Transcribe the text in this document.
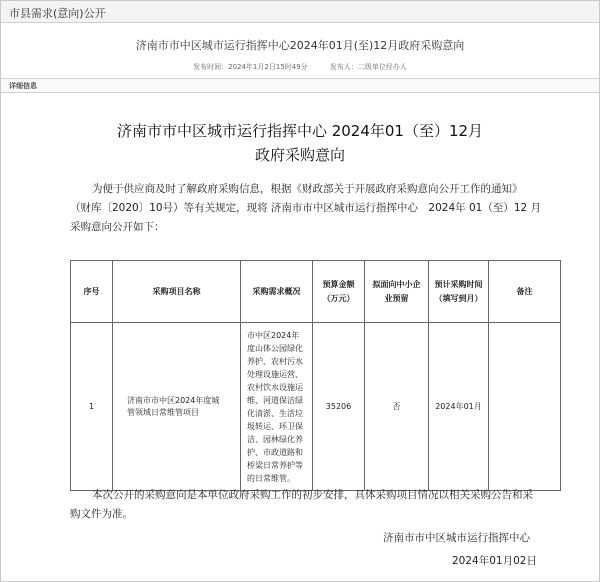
市县需求(意向)公开
济南市市中区城市运行指挥中心2024年01月(至)12月政府采购意向
发布时间：2024年1月2日15时49分	发布人：二级单位经办人
详细信息
济南市市中区城市运行指挥中心 2024年01（至）12月
政府采购意向
为便于供应商及时了解政府采购信息，根据《财政部关于开展政府采购意向公开工作的通知》
（财库〔2020〕10号）等有关规定，现将 济南市市中区城市运行指挥中心　2024年 01（至）12 月
采购意向公开如下：
序号	采购项目名称	采购需求概况	预算金额（万元）	拟面向中小企业预留	预计采购时间（填写到月）	备注
1	济南市市中区2024年度城管领域日常维管项目	市中区2024年度山体公园绿化养护、农村污水处理设施运营、农村饮水设施运维、河道保洁绿化清淤、生活垃圾转运、环卫保洁、园林绿化养护、市政道路和桥梁日常养护等的日常维管。	35206	否	2024年01月	
本次公开的采购意向是本单位政府采购工作的初步安排，具体采购项目情况以相关采购公告和采
购文件为准。
济南市市中区城市运行指挥中心
2024年01月02日
